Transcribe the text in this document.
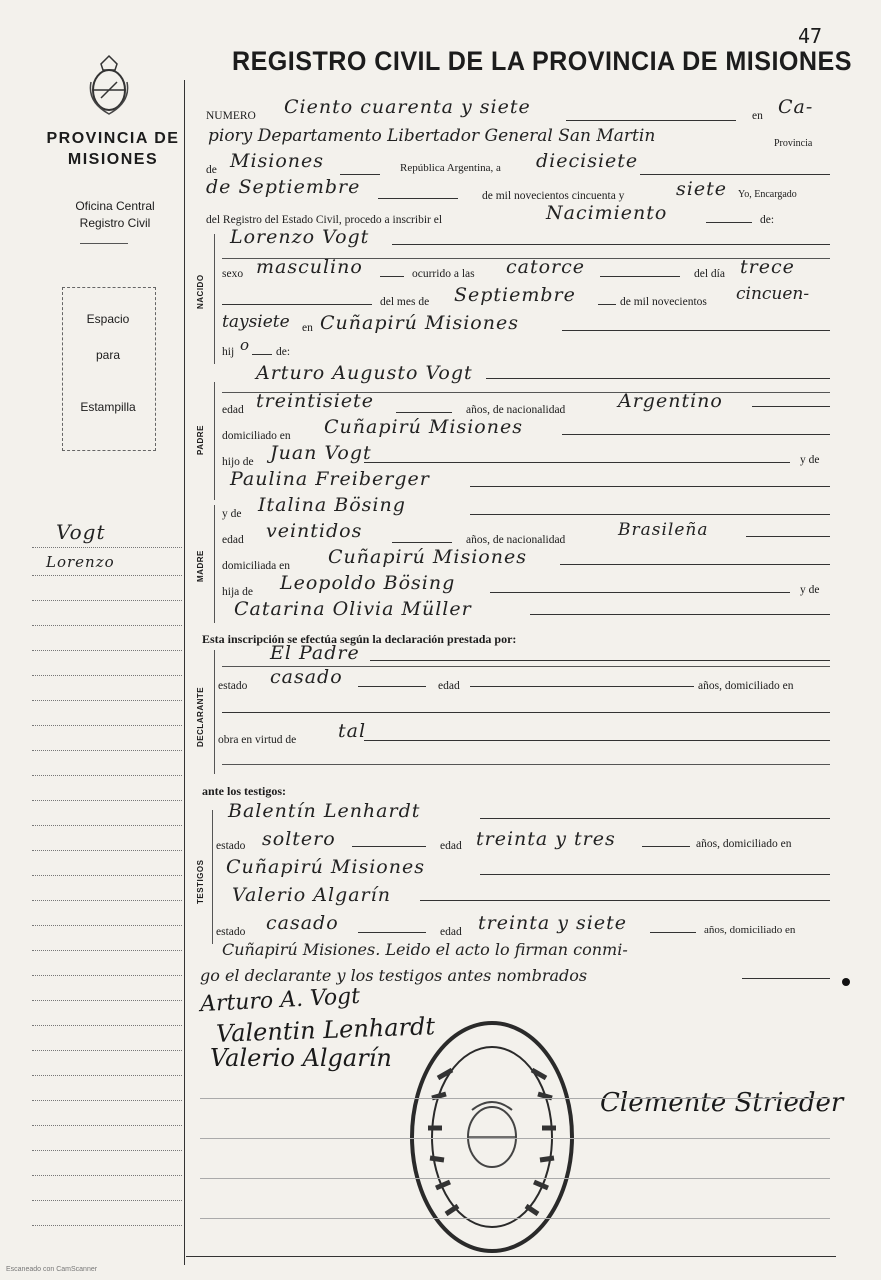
47
REGISTRO CIVIL DE LA PROVINCIA DE MISIONES
PROVINCIA DE MISIONES
Oficina Central
Registro Civil
Espacio
para
Estampilla
Vogt
Lorenzo
NUMERO Ciento cuarenta y siete	en Ca-
piory Departamento Libertador General San Martin	Provincia
de Misiones	República Argentina, a diecisiete
de Septiembre	de mil novecientos cincuenta y	siete Yo, Encargado
del Registro del Estado Civil, procedo a inscribir el	Nacimiento	de:
NACIDO
Lorenzo Vogt
sexo masculino	ocurrido a las catorce	del día trece
del mes de Septiembre	de mil novecientos cincuen-
taysiete en Cuñapirú Misiones
hij o de:
PADRE
Arturo Augusto Vogt
edad treintisiete	años, de nacionalidad	Argentino
domiciliado en Cuñapirú Misiones
hijo de Juan Vogt	y de
Paulina Freiberger
MADRE
y de Italina Bösing
edad veintidos	años, de nacionalidad	Brasileña
domiciliada en Cuñapirú Misiones
hija de Leopoldo Bösing	y de
Catarina Olivia Müller
Esta inscripción se efectúa según la declaración prestada por:
DECLARANTE
El Padre
estado casado	edad	años, domiciliado en
obra en virtud de tal
ante los testigos:
TESTIGOS
Balentín Lenhardt
estado soltero	edad treinta y tres	años, domiciliado en
Cuñapirú Misiones
Valerio Algarín
estado casado	edad treinta y siete	años, domiciliado en
Cuñapirú Misiones. Leido el acto lo firman conmi-
go el declarante y los testigos antes nombrados
Arturo A. Vogt
Valentin Lenhardt
Valerio Algarín
Clemente Strieder
Escaneado con CamScanner
